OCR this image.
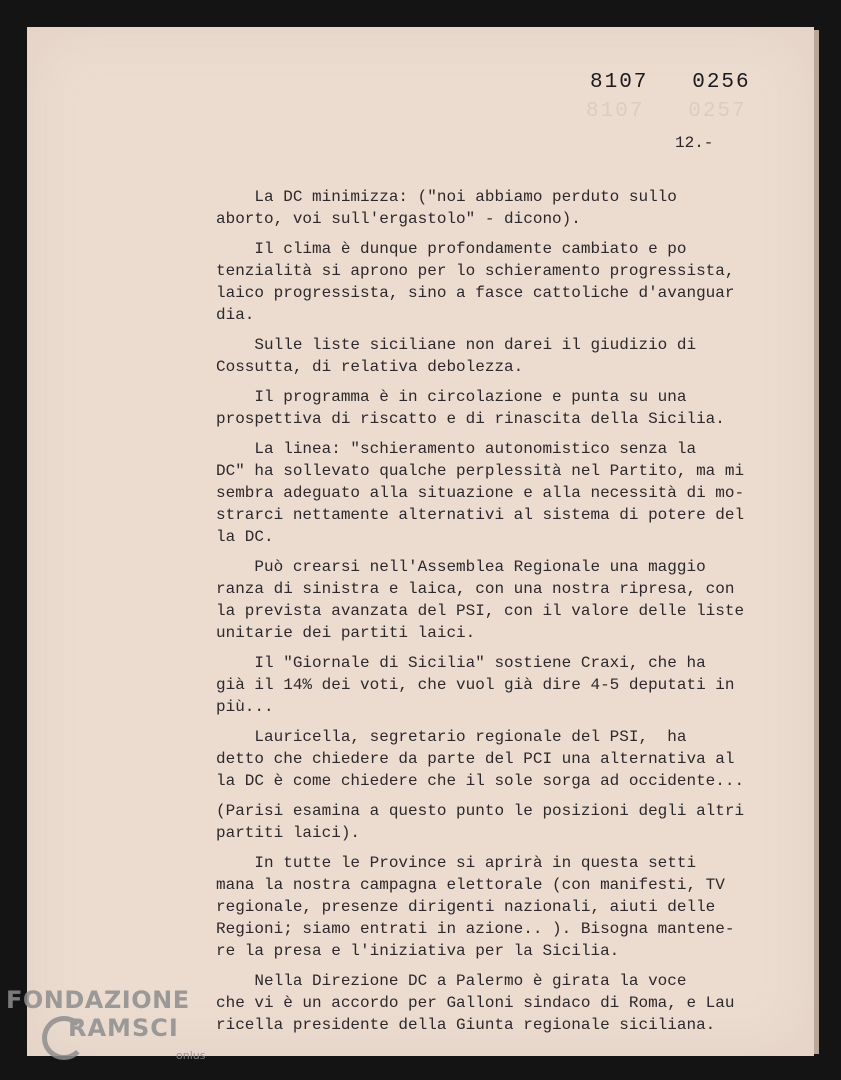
8107   0256
8107   0257
12.-
La DC minimizza: ("noi abbiamo perduto sullo
aborto, voi sull'ergastolo" - dicono).
Il clima è dunque profondamente cambiato e po
tenzialità si aprono per lo schieramento progressista,
laico progressista, sino a fasce cattoliche d'avanguar
dia.
Sulle liste siciliane non darei il giudizio di
Cossutta, di relativa debolezza.
Il programma è in circolazione e punta su una
prospettiva di riscatto e di rinascita della Sicilia.
La linea: "schieramento autonomistico senza la
DC" ha sollevato qualche perplessità nel Partito, ma mi
sembra adeguato alla situazione e alla necessità di mo-
strarci nettamente alternativi al sistema di potere del
la DC.
Può crearsi nell'Assemblea Regionale una maggio
ranza di sinistra e laica, con una nostra ripresa, con
la prevista avanzata del PSI, con il valore delle liste
unitarie dei partiti laici.
Il "Giornale di Sicilia" sostiene Craxi, che ha
già il 14% dei voti, che vuol già dire 4-5 deputati in
più...
Lauricella, segretario regionale del PSI,  ha
detto che chiedere da parte del PCI una alternativa al
la DC è come chiedere che il sole sorga ad occidente...
(Parisi esamina a questo punto le posizioni degli altri
partiti laici).
In tutte le Province si aprirà in questa setti
mana la nostra campagna elettorale (con manifesti, TV
regionale, presenze dirigenti nazionali, aiuti delle
Regioni; siamo entrati in azione.. ). Bisogna mantene-
re la presa e l'iniziativa per la Sicilia.
Nella Direzione DC a Palermo è girata la voce
che vi è un accordo per Galloni sindaco di Roma, e Lau
ricella presidente della Giunta regionale siciliana.
FONDAZIONE
RAMSCI
onlus
